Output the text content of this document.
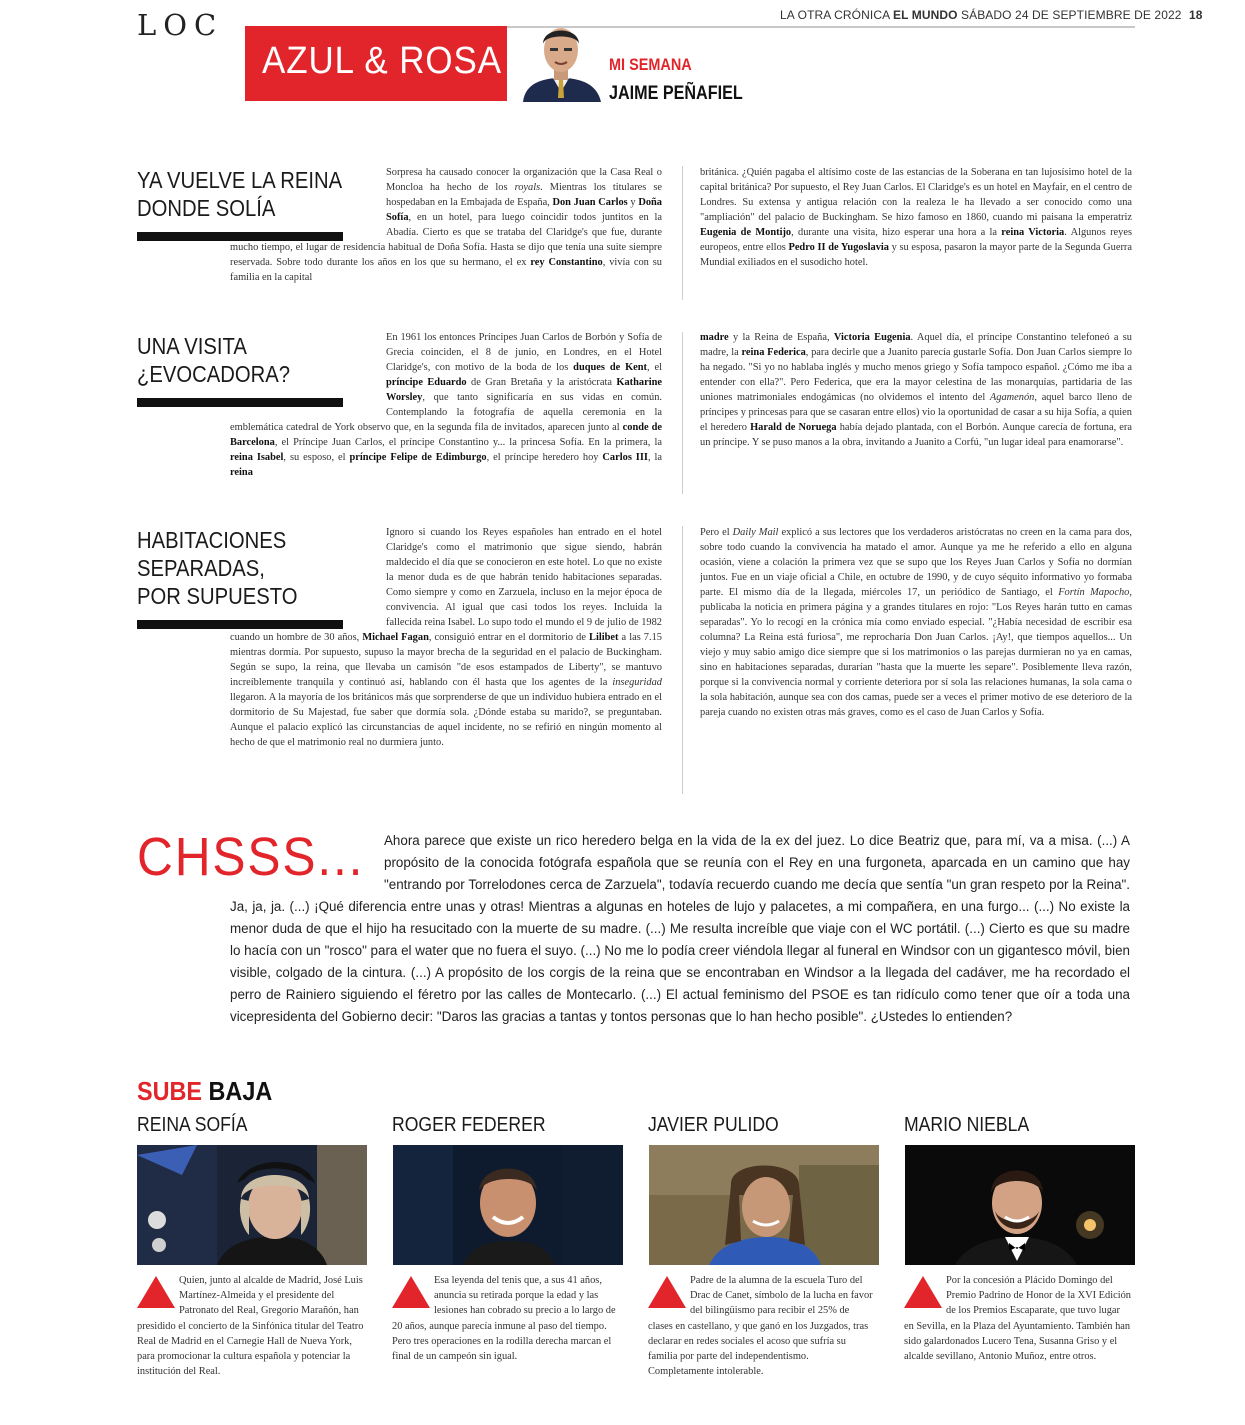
LOC	LA OTRA CRÓNICA EL MUNDO SÁBADO 24 DE SEPTIEMBRE DE 2022 18
AZUL & ROSA	MI SEMANA
JAIME PEÑAFIEL
YA VUELVE LA REINA
DONDE SOLÍA
Sorpresa ha causado conocer la organización que la Casa Real o Moncloa ha hecho de los royals. Mientras los titulares se hospedaban en la Embajada de España, Don Juan Carlos y Doña Sofía, en un hotel, para luego coincidir todos juntitos en la Abadía. Cierto es que se trataba del Claridge's que fue, durante mucho tiempo, el lugar de residencia habitual de Doña Sofía. Hasta se dijo que tenía una suite siempre reservada. Sobre todo durante los años en los que su hermano, el ex rey Constantino, vivía con su familia en la capital
británica. ¿Quién pagaba el altísimo coste de las estancias de la Soberana en tan lujosísimo hotel de la capital británica? Por supuesto, el Rey Juan Carlos. El Claridge's es un hotel en Mayfair, en el centro de Londres. Su extensa y antigua relación con la realeza le ha llevado a ser conocido como una "ampliación" del palacio de Buckingham. Se hizo famoso en 1860, cuando mi paisana la emperatriz Eugenia de Montijo, durante una visita, hizo esperar una hora a la reina Victoria. Algunos reyes europeos, entre ellos Pedro II de Yugoslavia y su esposa, pasaron la mayor parte de la Segunda Guerra Mundial exiliados en el susodicho hotel.
UNA VISITA
¿EVOCADORA?
En 1961 los entonces Príncipes Juan Carlos de Borbón y Sofía de Grecia coinciden, el 8 de junio, en Londres, en el Hotel Claridge's, con motivo de la boda de los duques de Kent, el príncipe Eduardo de Gran Bretaña y la aristócrata Katharine Worsley, que tanto significaría en sus vidas en común. Contemplando la fotografía de aquella ceremonia en la emblemática catedral de York observo que, en la segunda fila de invitados, aparecen junto al conde de Barcelona, el Príncipe Juan Carlos, el príncipe Constantino y... la princesa Sofía. En la primera, la reina Isabel, su esposo, el príncipe Felipe de Edimburgo, el príncipe heredero hoy Carlos III, la reina
madre y la Reina de España, Victoria Eugenia. Aquel día, el príncipe Constantino telefoneó a su madre, la reina Federica, para decirle que a Juanito parecía gustarle Sofía. Don Juan Carlos siempre lo ha negado. "Si yo no hablaba inglés y mucho menos griego y Sofía tampoco español. ¿Cómo me iba a entender con ella?". Pero Federica, que era la mayor celestina de las monarquías, partidaria de las uniones matrimoniales endogámicas (no olvidemos el intento del Agamenón, aquel barco lleno de príncipes y princesas para que se casaran entre ellos) vio la oportunidad de casar a su hija Sofía, a quien el heredero Harald de Noruega había dejado plantada, con el Borbón. Aunque carecía de fortuna, era un príncipe. Y se puso manos a la obra, invitando a Juanito a Corfú, "un lugar ideal para enamorarse".
HABITACIONES
SEPARADAS,
POR SUPUESTO
Ignoro si cuando los Reyes españoles han entrado en el hotel Claridge's como el matrimonio que sigue siendo, habrán maldecido el día que se conocieron en este hotel. Lo que no existe la menor duda es de que habrán tenido habitaciones separadas. Como siempre y como en Zarzuela, incluso en la mejor época de convivencia. Al igual que casi todos los reyes. Incluida la fallecida reina Isabel. Lo supo todo el mundo el 9 de julio de 1982 cuando un hombre de 30 años, Michael Fagan, consiguió entrar en el dormitorio de Lilibet a las 7.15 mientras dormía. Por supuesto, supuso la mayor brecha de la seguridad en el palacio de Buckingham. Según se supo, la reina, que llevaba un camisón "de esos estampados de Liberty", se mantuvo increíblemente tranquila y continuó así, hablando con él hasta que los agentes de la inseguridad llegaron. A la mayoría de los británicos más que sorprenderse de que un individuo hubiera entrado en el dormitorio de Su Majestad, fue saber que dormía sola. ¿Dónde estaba su marido?, se preguntaban. Aunque el palacio explicó las circunstancias de aquel incidente, no se refirió en ningún momento al hecho de que el matrimonio real no durmiera junto.
Pero el Daily Mail explicó a sus lectores que los verdaderos aristócratas no creen en la cama para dos, sobre todo cuando la convivencia ha matado el amor. Aunque ya me he referido a ello en alguna ocasión, viene a colación la primera vez que se supo que los Reyes Juan Carlos y Sofía no dormían juntos. Fue en un viaje oficial a Chile, en octubre de 1990, y de cuyo séquito informativo yo formaba parte. El mismo día de la llegada, miércoles 17, un periódico de Santiago, el Fortín Mapocho, publicaba la noticia en primera página y a grandes titulares en rojo: "Los Reyes harán tutto en camas separadas". Yo lo recogí en la crónica mía como enviado especial. "¿Había necesidad de escribir esa columna? La Reina está furiosa", me reprocharía Don Juan Carlos. ¡Ay!, que tiempos aquellos... Un viejo y muy sabio amigo dice siempre que si los matrimonios o las parejas durmieran no ya en camas, sino en habitaciones separadas, durarían "hasta que la muerte les separe". Posiblemente lleva razón, porque si la convivencia normal y corriente deteriora por sí sola las relaciones humanas, la sola cama o la sola habitación, aunque sea con dos camas, puede ser a veces el primer motivo de ese deterioro de la pareja cuando no existen otras más graves, como es el caso de Juan Carlos y Sofía.
CHSSS...	Ahora parece que existe un rico heredero belga en la vida de la ex del juez. Lo dice Beatriz que, para mí, va a misa. (...) A propósito de la conocida fotógrafa española que se reunía con el Rey en una furgoneta, aparcada en un camino que hay "entrando por Torrelodones cerca de Zarzuela", todavía recuerdo cuando me decía que sentía "un gran respeto por la Reina". Ja, ja, ja. (...) ¡Qué diferencia entre unas y otras! Mientras a algunas en hoteles de lujo y palacetes, a mi compañera, en una furgo... (...) No existe la menor duda de que el hijo ha resucitado con la muerte de su madre. (...) Me resulta increíble que viaje con el WC portátil. (...) Cierto es que su madre lo hacía con un "rosco" para el water que no fuera el suyo. (...) No me lo podía creer viéndola llegar al funeral en Windsor con un gigantesco móvil, bien visible, colgado de la cintura. (...) A propósito de los corgis de la reina que se encontraban en Windsor a la llegada del cadáver, me ha recordado el perro de Rainiero siguiendo el féretro por las calles de Montecarlo. (...) El actual feminismo del PSOE es tan ridículo como tener que oír a toda una vicepresidenta del Gobierno decir: "Daros las gracias a tantas y tontos personas que lo han hecho posible". ¿Ustedes lo entienden?
SUBE BAJA
REINA SOFÍA
Quien, junto al alcalde de Madrid, José Luis Martínez-Almeida y el presidente del Patronato del Real, Gregorio Marañón, han presidido el concierto de la Sinfónica titular del Teatro Real de Madrid en el Carnegie Hall de Nueva York, para promocionar la cultura española y potenciar la institución del Real.
ROGER FEDERER
Esa leyenda del tenis que, a sus 41 años, anuncia su retirada porque la edad y las lesiones han cobrado su precio a lo largo de 20 años, aunque parecía inmune al paso del tiempo. Pero tres operaciones en la rodilla derecha marcan el final de un campeón sin igual.
JAVIER PULIDO
Padre de la alumna de la escuela Turo del Drac de Canet, símbolo de la lucha en favor del bilingüismo para recibir el 25% de clases en castellano, y que ganó en los Juzgados, tras declarar en redes sociales el acoso que sufría su familia por parte del independentismo. Completamente intolerable.
MARIO NIEBLA
Por la concesión a Plácido Domingo del Premio Padrino de Honor de la XVI Edición de los Premios Escaparate, que tuvo lugar en Sevilla, en la Plaza del Ayuntamiento. También han sido galardonados Lucero Tena, Susanna Griso y el alcalde sevillano, Antonio Muñoz, entre otros.
